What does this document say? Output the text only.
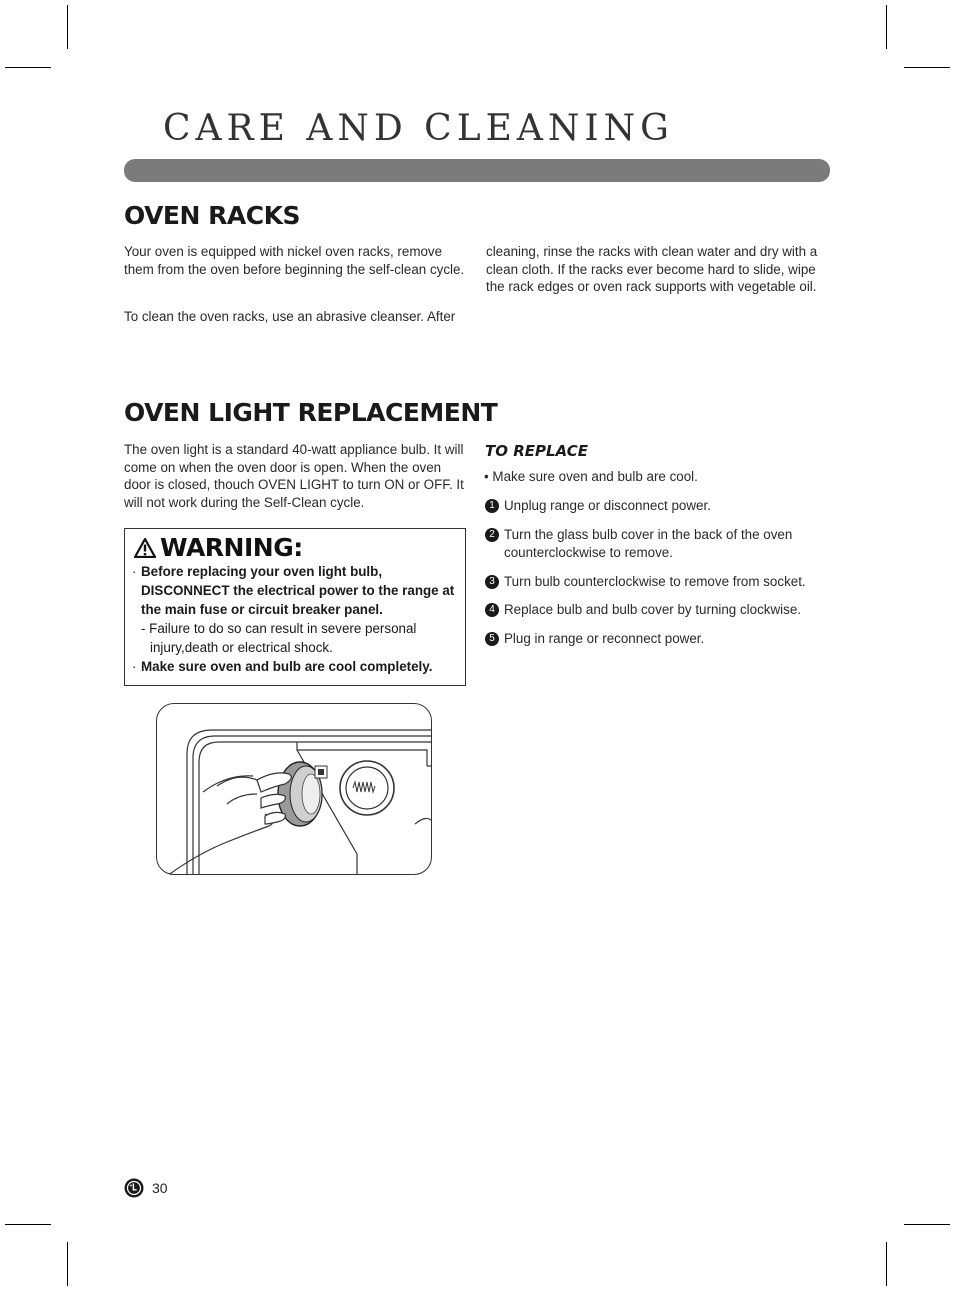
CARE AND CLEANING
OVEN RACKS

Your oven is equipped with nickel oven racks, remove them from the oven before beginning the self-clean cycle.

To clean the oven racks, use an abrasive cleanser. After

cleaning, rinse the racks with clean water and dry with a clean cloth. If the racks ever become hard to slide, wipe the rack edges or oven rack supports with vegetable oil.

OVEN LIGHT REPLACEMENT

The oven light is a standard 40-watt appliance bulb. It will come on when the oven door is open. When the oven door is closed, thouch OVEN LIGHT to turn ON or OFF. It will not work during the Self-Clean cycle.

WARNING:
· Before replacing your oven light bulb, DISCONNECT the electrical power to the range at the main fuse or circuit breaker panel.
- Failure to do so can result in severe personal injury,death or electrical shock.
· Make sure oven and bulb are cool completely.
TO REPLACE

• Make sure oven and bulb are cool.

1 Unplug range or disconnect power.
2 Turn the glass bulb cover in the back of the oven counterclockwise to remove.
3 Turn bulb counterclockwise to remove from socket.
4 Replace bulb and bulb cover by turning clockwise.
5 Plug in range or reconnect power.
30
